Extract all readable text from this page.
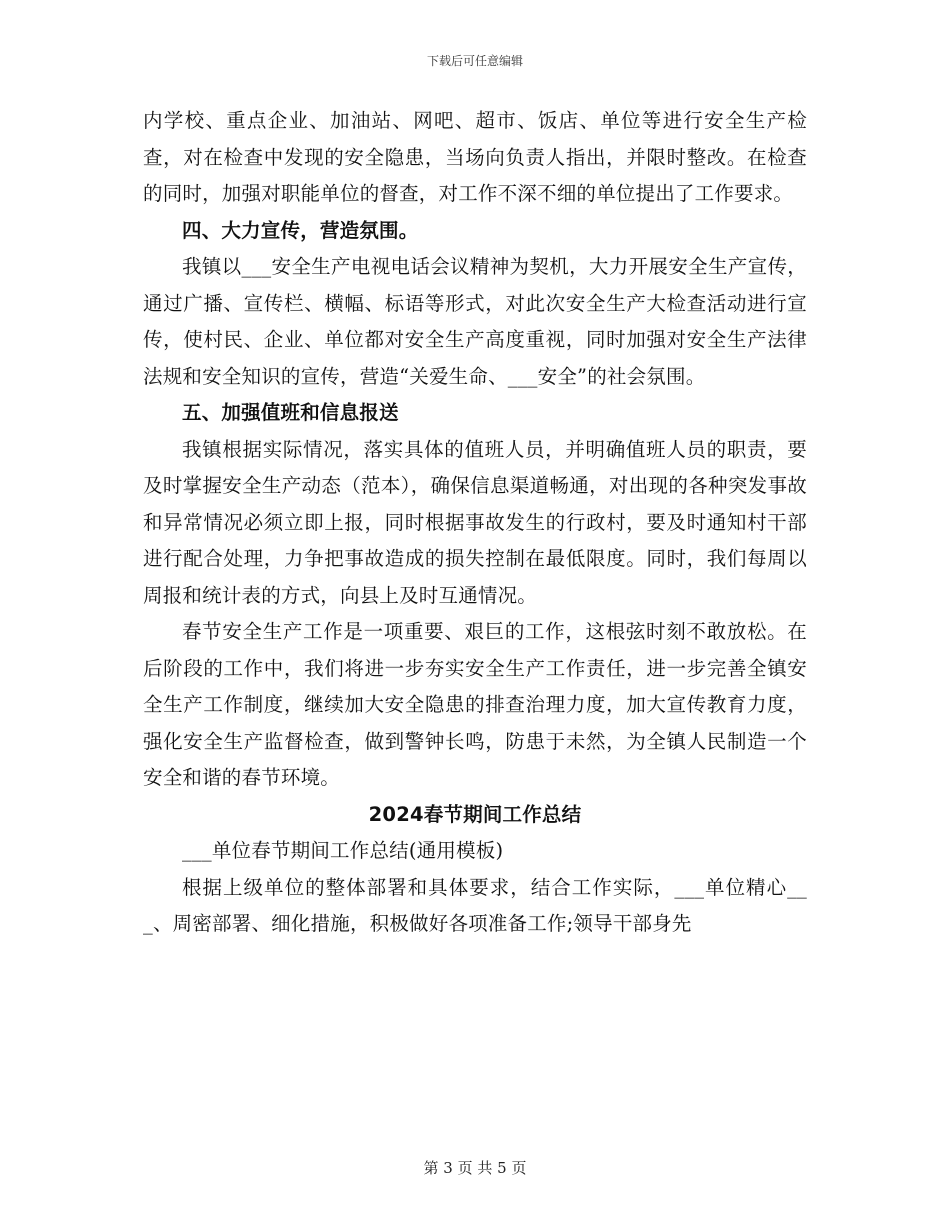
下载后可任意编辑

内学校、重点企业、加油站、网吧、超市、饭店、单位等进行安全生产检查，对在检查中发现的安全隐患，当场向负责人指出，并限时整改。在检查的同时，加强对职能单位的督查，对工作不深不细的单位提出了工作要求。

四、大力宣传，营造氛围。

我镇以___安全生产电视电话会议精神为契机，大力开展安全生产宣传，通过广播、宣传栏、横幅、标语等形式，对此次安全生产大检查活动进行宣传，使村民、企业、单位都对安全生产高度重视，同时加强对安全生产法律法规和安全知识的宣传，营造“关爱生命、___安全”的社会氛围。

五、加强值班和信息报送

我镇根据实际情况，落实具体的值班人员，并明确值班人员的职责，要及时掌握安全生产动态（范本），确保信息渠道畅通，对出现的各种突发事故和异常情况必须立即上报，同时根据事故发生的行政村，要及时通知村干部进行配合处理，力争把事故造成的损失控制在最低限度。同时，我们每周以周报和统计表的方式，向县上及时互通情况。

春节安全生产工作是一项重要、艰巨的工作，这根弦时刻不敢放松。在后阶段的工作中，我们将进一步夯实安全生产工作责任，进一步完善全镇安全生产工作制度，继续加大安全隐患的排查治理力度，加大宣传教育力度，强化安全生产监督检查，做到警钟长鸣，防患于未然，为全镇人民制造一个安全和谐的春节环境。

2024春节期间工作总结

___单位春节期间工作总结(通用模板)

根据上级单位的整体部署和具体要求，结合工作实际，___单位精心___、周密部署、细化措施，积极做好各项准备工作;领导干部身先

第 3 页 共 5 页
